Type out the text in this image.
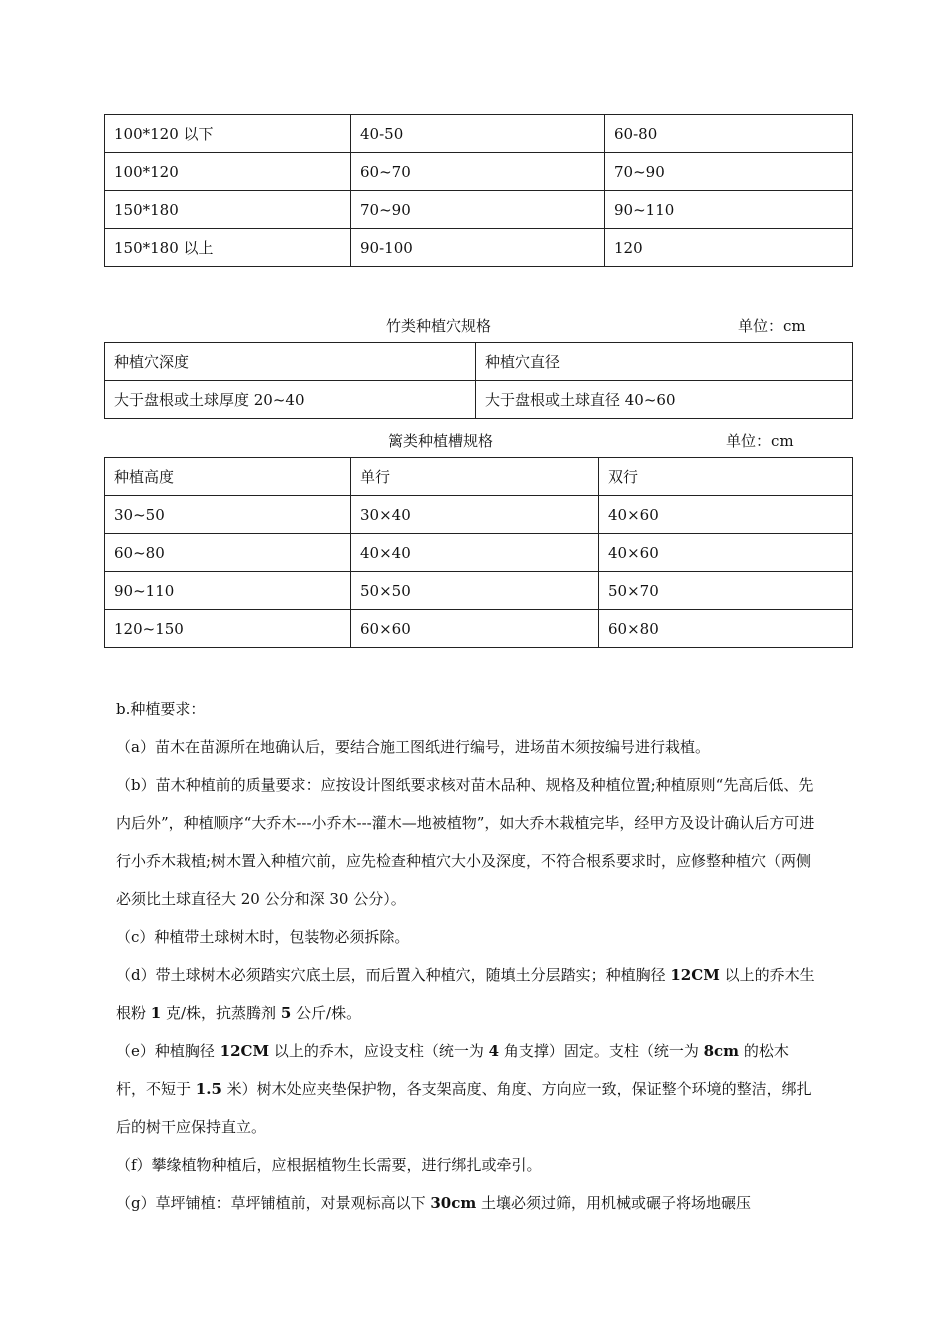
100*120 以下	40-50	60-80
100*120	60~70	70~90
150*180	70~90	90~110
150*180 以上	90-100	120
竹类种植穴规格	单位：cm
种植穴深度	种植穴直径
大于盘根或土球厚度 20~40	大于盘根或土球直径 40~60
篱类种植槽规格	单位：cm
种植高度	单行	双行
30~50	30×40	40×60
60~80	40×40	40×60
90~110	50×50	50×70
120~150	60×60	60×80

b.种植要求：

（a）苗木在苗源所在地确认后，要结合施工图纸进行编号，进场苗木须按编号进行栽植。

（b）苗木种植前的质量要求：应按设计图纸要求核对苗木品种、规格及种植位置;种植原则“先高后低、先内后外”，种植顺序“大乔木---小乔木---灌木—地被植物”，如大乔木栽植完毕，经甲方及设计确认后方可进行小乔木栽植;树木置入种植穴前，应先检查种植穴大小及深度，不符合根系要求时，应修整种植穴（两侧必须比土球直径大 20 公分和深 30 公分）。

（c）种植带土球树木时，包装物必须拆除。

（d）带土球树木必须踏实穴底土层，而后置入种植穴，随填土分层踏实；种植胸径 12CM 以上的乔木生根粉 1 克/株，抗蒸腾剂 5 公斤/株。

（e）种植胸径 12CM 以上的乔木，应设支柱（统一为 4 角支撑）固定。支柱（统一为 8cm 的松木杆，不短于 1.5 米）树木处应夹垫保护物，各支架高度、角度、方向应一致，保证整个环境的整洁，绑扎后的树干应保持直立。

（f）攀缘植物种植后，应根据植物生长需要，进行绑扎或牵引。

（g）草坪铺植：草坪铺植前，对景观标高以下 30cm 土壤必须过筛，用机械或碾子将场地碾压
